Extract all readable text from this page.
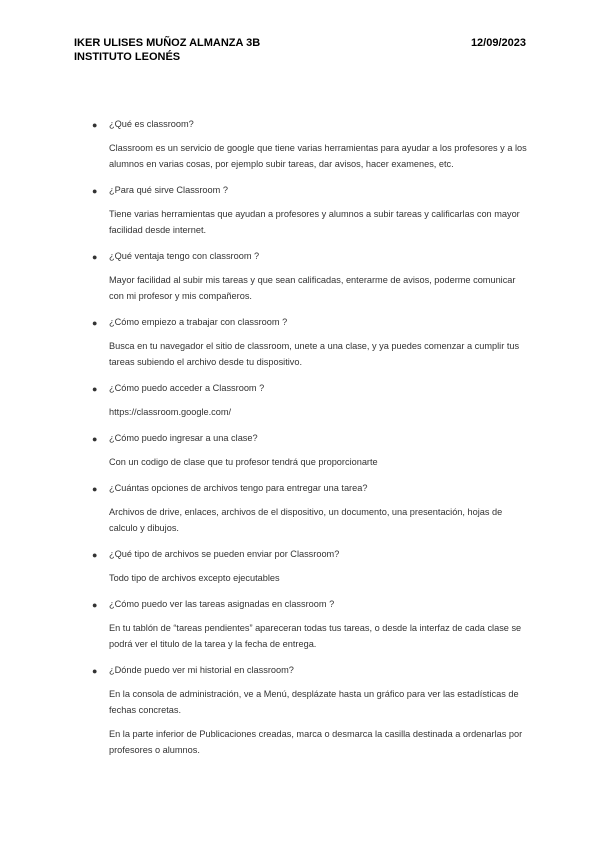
IKER ULISES MUÑOZ ALMANZA 3B
INSTITUTO LEONÉS
12/09/2023
● ¿Qué es classroom?
Classroom es un servicio de google que tiene varias herramientas para ayudar a los profesores y a los alumnos en varias cosas, por ejemplo subir tareas, dar avisos, hacer examenes, etc.
● ¿Para qué sirve Classroom ?
Tiene varias herramientas que ayudan a profesores y alumnos a subir tareas y calificarlas con mayor facilidad desde internet.
● ¿Qué ventaja tengo con classroom ?
Mayor facilidad al subir mis tareas y que sean calificadas, enterarme de avisos, poderme comunicar con mi profesor y mis compañeros.
● ¿Cómo empiezo a trabajar con classroom ?
Busca en tu navegador el sitio de classroom, unete a una clase, y ya puedes comenzar a cumplir tus tareas subiendo el archivo desde tu dispositivo.
● ¿Cómo puedo acceder a Classroom ?
https://classroom.google.com/
● ¿Cómo puedo ingresar a una clase?
Con un codigo de clase que tu profesor tendrá que proporcionarte
● ¿Cuántas opciones de archivos tengo para entregar una tarea?
Archivos de drive, enlaces, archivos de el dispositivo, un documento, una presentación, hojas de calculo y dibujos.
● ¿Qué tipo de archivos se pueden enviar por Classroom?
Todo tipo de archivos excepto ejecutables
● ¿Cómo puedo ver las tareas asignadas en classroom ?
En tu tablón de “tareas pendientes” apareceran todas tus tareas, o desde la interfaz de cada clase se podrá ver el titulo de la tarea y la fecha de entrega.
● ¿Dónde puedo ver mi historial en classroom?
En la consola de administración, ve a Menú, desplázate hasta un gráfico para ver las estadísticas de fechas concretas.
En la parte inferior de Publicaciones creadas, marca o desmarca la casilla destinada a ordenarlas por profesores o alumnos.
